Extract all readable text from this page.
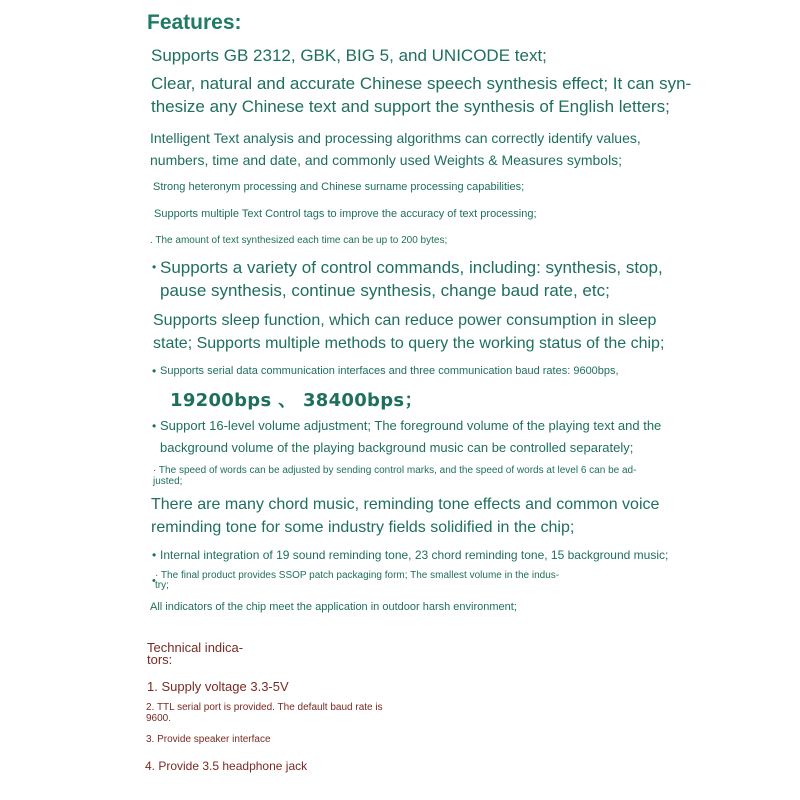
Features:

Supports GB 2312, GBK, BIG 5, and UNICODE text;

Clear, natural and accurate Chinese speech synthesis effect; It can syn-

thesize any Chinese text and support the synthesis of English letters;

Intelligent Text analysis and processing algorithms can correctly identify values,

numbers, time and date, and commonly used Weights & Measures symbols;

Strong heteronym processing and Chinese surname processing capabilities;

Supports multiple Text Control tags to improve the accuracy of text processing;

. The amount of text synthesized each time can be up to 200 bytes;

• Supports a variety of control commands, including: synthesis, stop,

pause synthesis, continue synthesis, change baud rate, etc;

Supports sleep function, which can reduce power consumption in sleep

state; Supports multiple methods to query the working status of the chip;

• Supports serial data communication interfaces and three communication baud rates: 9600bps,

19200bps 、 38400bps；

• Support 16-level volume adjustment; The foreground volume of the playing text and the

background volume of the playing background music can be controlled separately;

· The speed of words can be adjusted by sending control marks, and the speed of words at level 6 can be ad-

justed;

There are many chord music, reminding tone effects and common voice

reminding tone for some industry fields solidified in the chip;

• Internal integration of 19 sound reminding tone, 23 chord reminding tone, 15 background music;

• · The final product provides SSOP patch packaging form; The smallest volume in the indus-

try;

All indicators of the chip meet the application in outdoor harsh environment;

Technical indica-

tors:

1. Supply voltage 3.3-5V

2. TTL serial port is provided. The default baud rate is

9600.

3. Provide speaker interface

4. Provide 3.5 headphone jack
